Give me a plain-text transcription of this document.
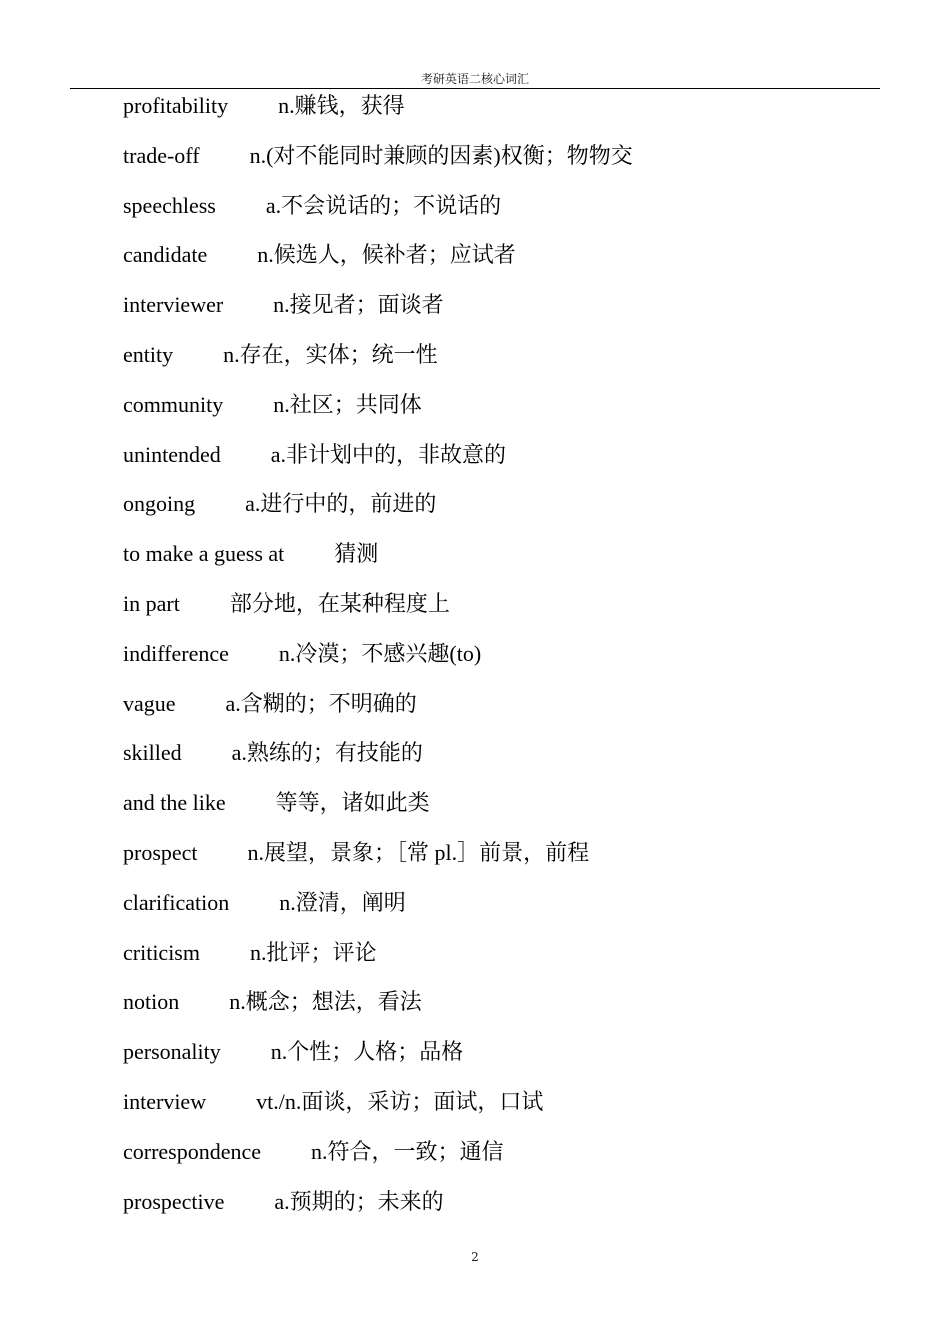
考研英语二核心词汇
profitability n.赚钱，获得
trade-off n.(对不能同时兼顾的因素)权衡；物物交
speechless a.不会说话的；不说话的
candidate n.候选人，候补者；应试者
interviewer n.接见者；面谈者
entity n.存在，实体；统一性
community n.社区；共同体
unintended a.非计划中的，非故意的
ongoing a.进行中的，前进的
to make a guess at 猜测
in part 部分地，在某种程度上
indifference n.冷漠；不感兴趣(to)
vague a.含糊的；不明确的
skilled a.熟练的；有技能的
and the like 等等，诸如此类
prospect n.展望，景象；［常 pl.］前景，前程
clarification n.澄清，阐明
criticism n.批评；评论
notion n.概念；想法，看法
personality n.个性；人格；品格
interview vt./n.面谈，采访；面试，口试
correspondence n.符合，一致；通信
prospective a.预期的；未来的
2
